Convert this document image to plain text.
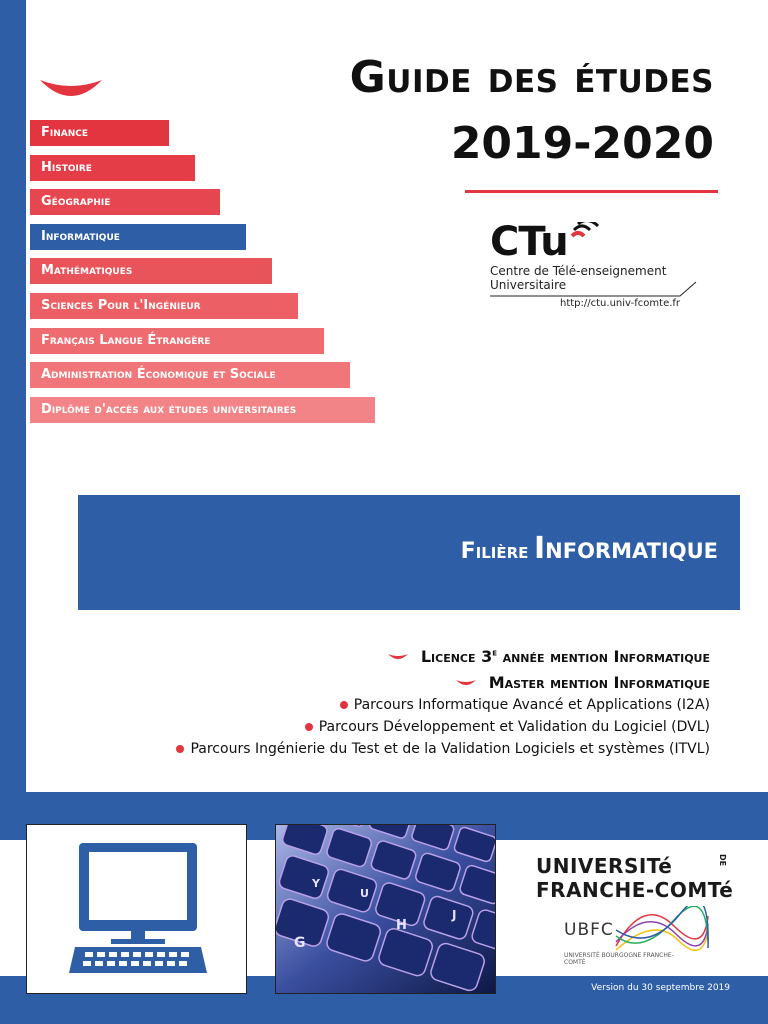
Finance
Histoire
Géographie
Informatique
Mathématiques
Sciences Pour l'Ingénieur
Français Langue Étrangère
Administration Économique et Sociale
Diplôme d'accès aux études universitaires
Guide des études
2019-2020
CTu
Centre de Télé-enseignement Universitaire
http://ctu.univ-fcomte.fr
Filière Informatique
Licence 3e année mention Informatique
Master mention Informatique
Parcours Informatique Avancé et Applications (I2A)
Parcours Développement et Validation du Logiciel (DVL)
Parcours Ingénierie du Test et de la Validation Logiciels et systèmes (ITVL)
Y
U
G
H
J
UNIVERSITé	DE
FRANCHE-COMTé
UBFC
UNIVERSITÉ BOURGOGNE FRANCHE-COMTÉ
Version du 30 septembre 2019
